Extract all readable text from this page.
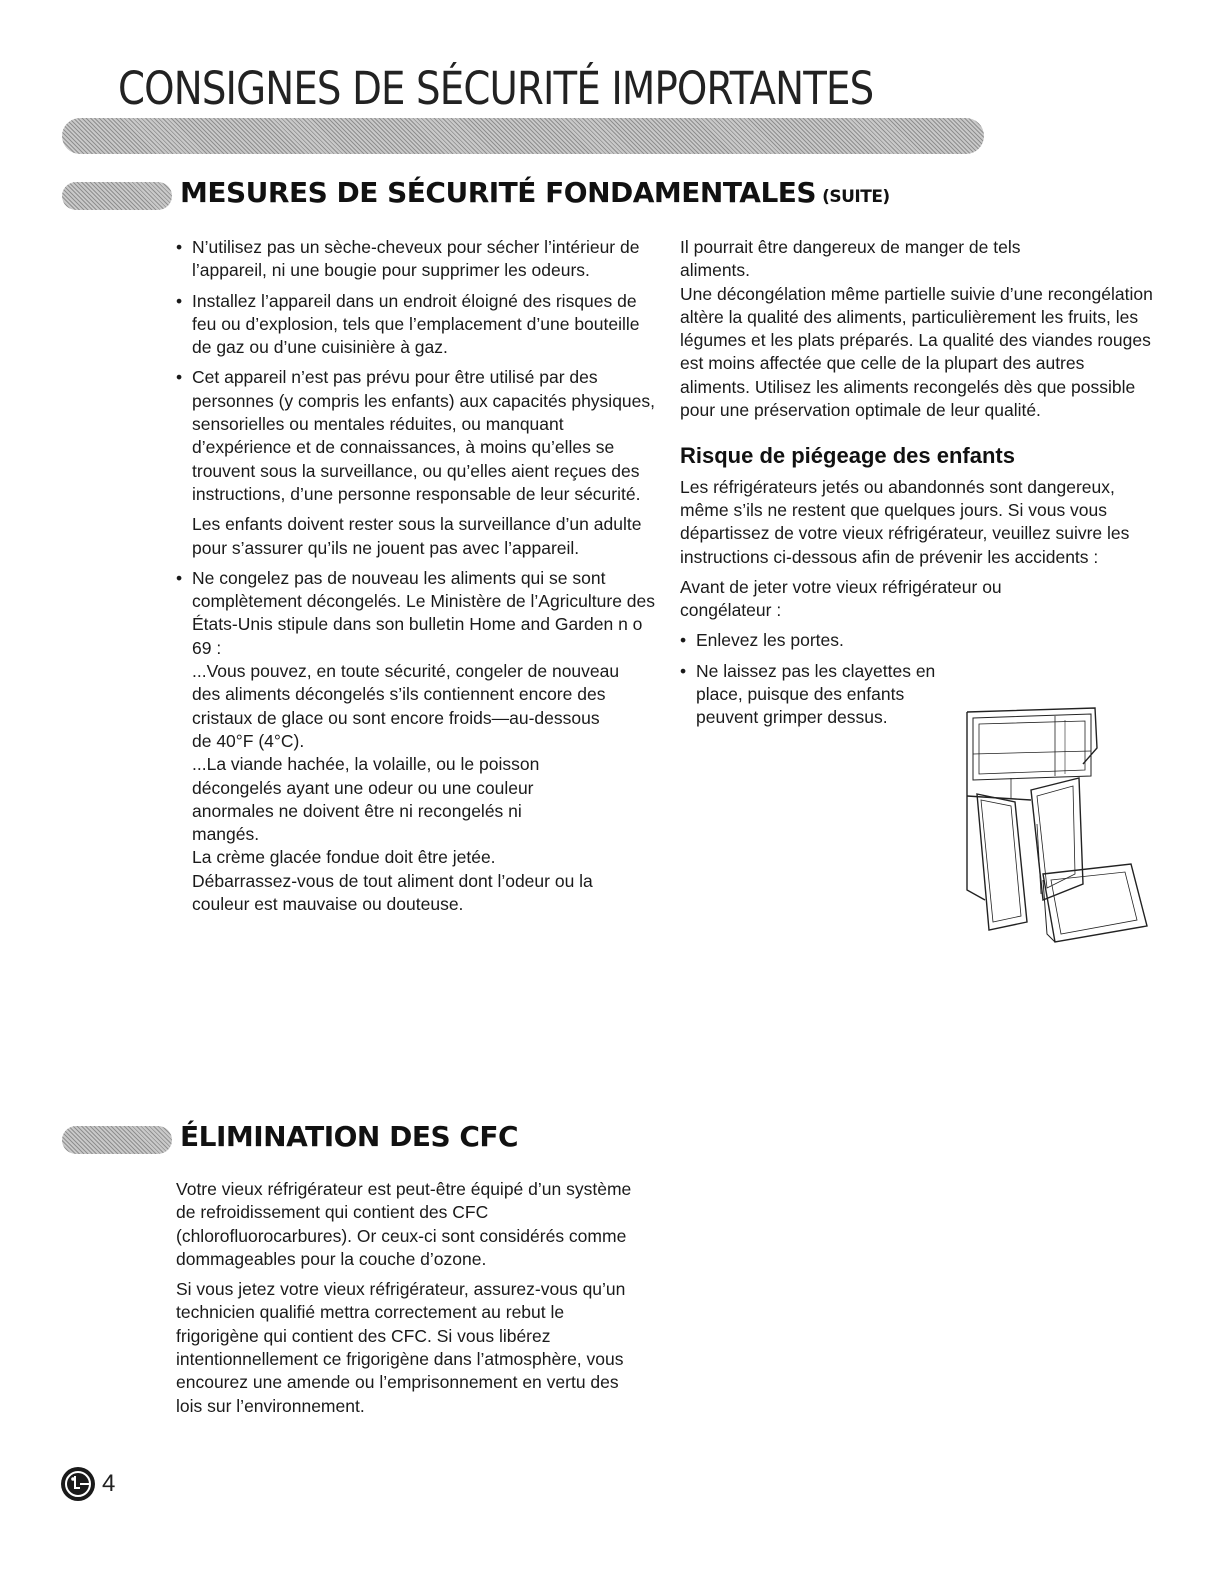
CONSIGNES DE SÉCURITÉ IMPORTANTES
MESURES DE SÉCURITÉ FONDAMENTALES (SUITE)

• N’utilisez pas un sèche-cheveux pour sécher l’intérieur de l’appareil, ni une bougie pour supprimer les odeurs.

• Installez l’appareil dans un endroit éloigné des risques de feu ou d’explosion, tels que l’emplacement d’une bouteille de gaz ou d’une cuisinière à gaz.

• Cet appareil n’est pas prévu pour être utilisé par des personnes (y compris les enfants) aux capacités physiques, sensorielles ou mentales réduites, ou manquant d’expérience et de connaissances, à moins qu’elles se trouvent sous la surveillance, ou qu’elles aient reçues des instructions, d’une personne responsable de leur sécurité.

Les enfants doivent rester sous la surveillance d’un adulte pour s’assurer qu’ils ne jouent pas avec l’appareil.

• Ne congelez pas de nouveau les aliments qui se sont complètement décongelés. Le Ministère de l’Agriculture des États-Unis stipule dans son bulletin Home and Garden n o 69 :

...Vous pouvez, en toute sécurité, congeler de nouveau des aliments décongelés s’ils contiennent encore des cristaux de glace ou sont encore froids—au-dessous de 40°F (4°C).

...La viande hachée, la volaille, ou le poisson décongelés ayant une odeur ou une couleur anormales ne doivent être ni recongelés ni mangés.

La crème glacée fondue doit être jetée. Débarrassez-vous de tout aliment dont l’odeur ou la couleur est mauvaise ou douteuse.

Il pourrait être dangereux de manger de tels aliments.

Une décongélation même partielle suivie d’une recongélation altère la qualité des aliments, particulièrement les fruits, les légumes et les plats préparés. La qualité des viandes rouges est moins affectée que celle de la plupart des autres aliments. Utilisez les aliments recongelés dès que possible pour une préservation optimale de leur qualité.

Risque de piégeage des enfants

Les réfrigérateurs jetés ou abandonnés sont dangereux, même s’ils ne restent que quelques jours. Si vous vous départissez de votre vieux réfrigérateur, veuillez suivre les instructions ci-dessous afin de prévenir les accidents :

Avant de jeter votre vieux réfrigérateur ou congélateur :

• Enlevez les portes.

• Ne laissez pas les clayettes en place, puisque des enfants peuvent grimper dessus.

ÉLIMINATION DES CFC

Votre vieux réfrigérateur est peut-être équipé d’un système de refroidissement qui contient des CFC (chlorofluorocarbures). Or ceux-ci sont considérés comme dommageables pour la couche d’ozone.

Si vous jetez votre vieux réfrigérateur, assurez-vous qu’un technicien qualifié mettra correctement au rebut le frigorigène qui contient des CFC. Si vous libérez intentionnellement ce frigorigène dans l’atmosphère, vous encourez une amende ou l’emprisonnement en vertu des lois sur l’environnement.

4
